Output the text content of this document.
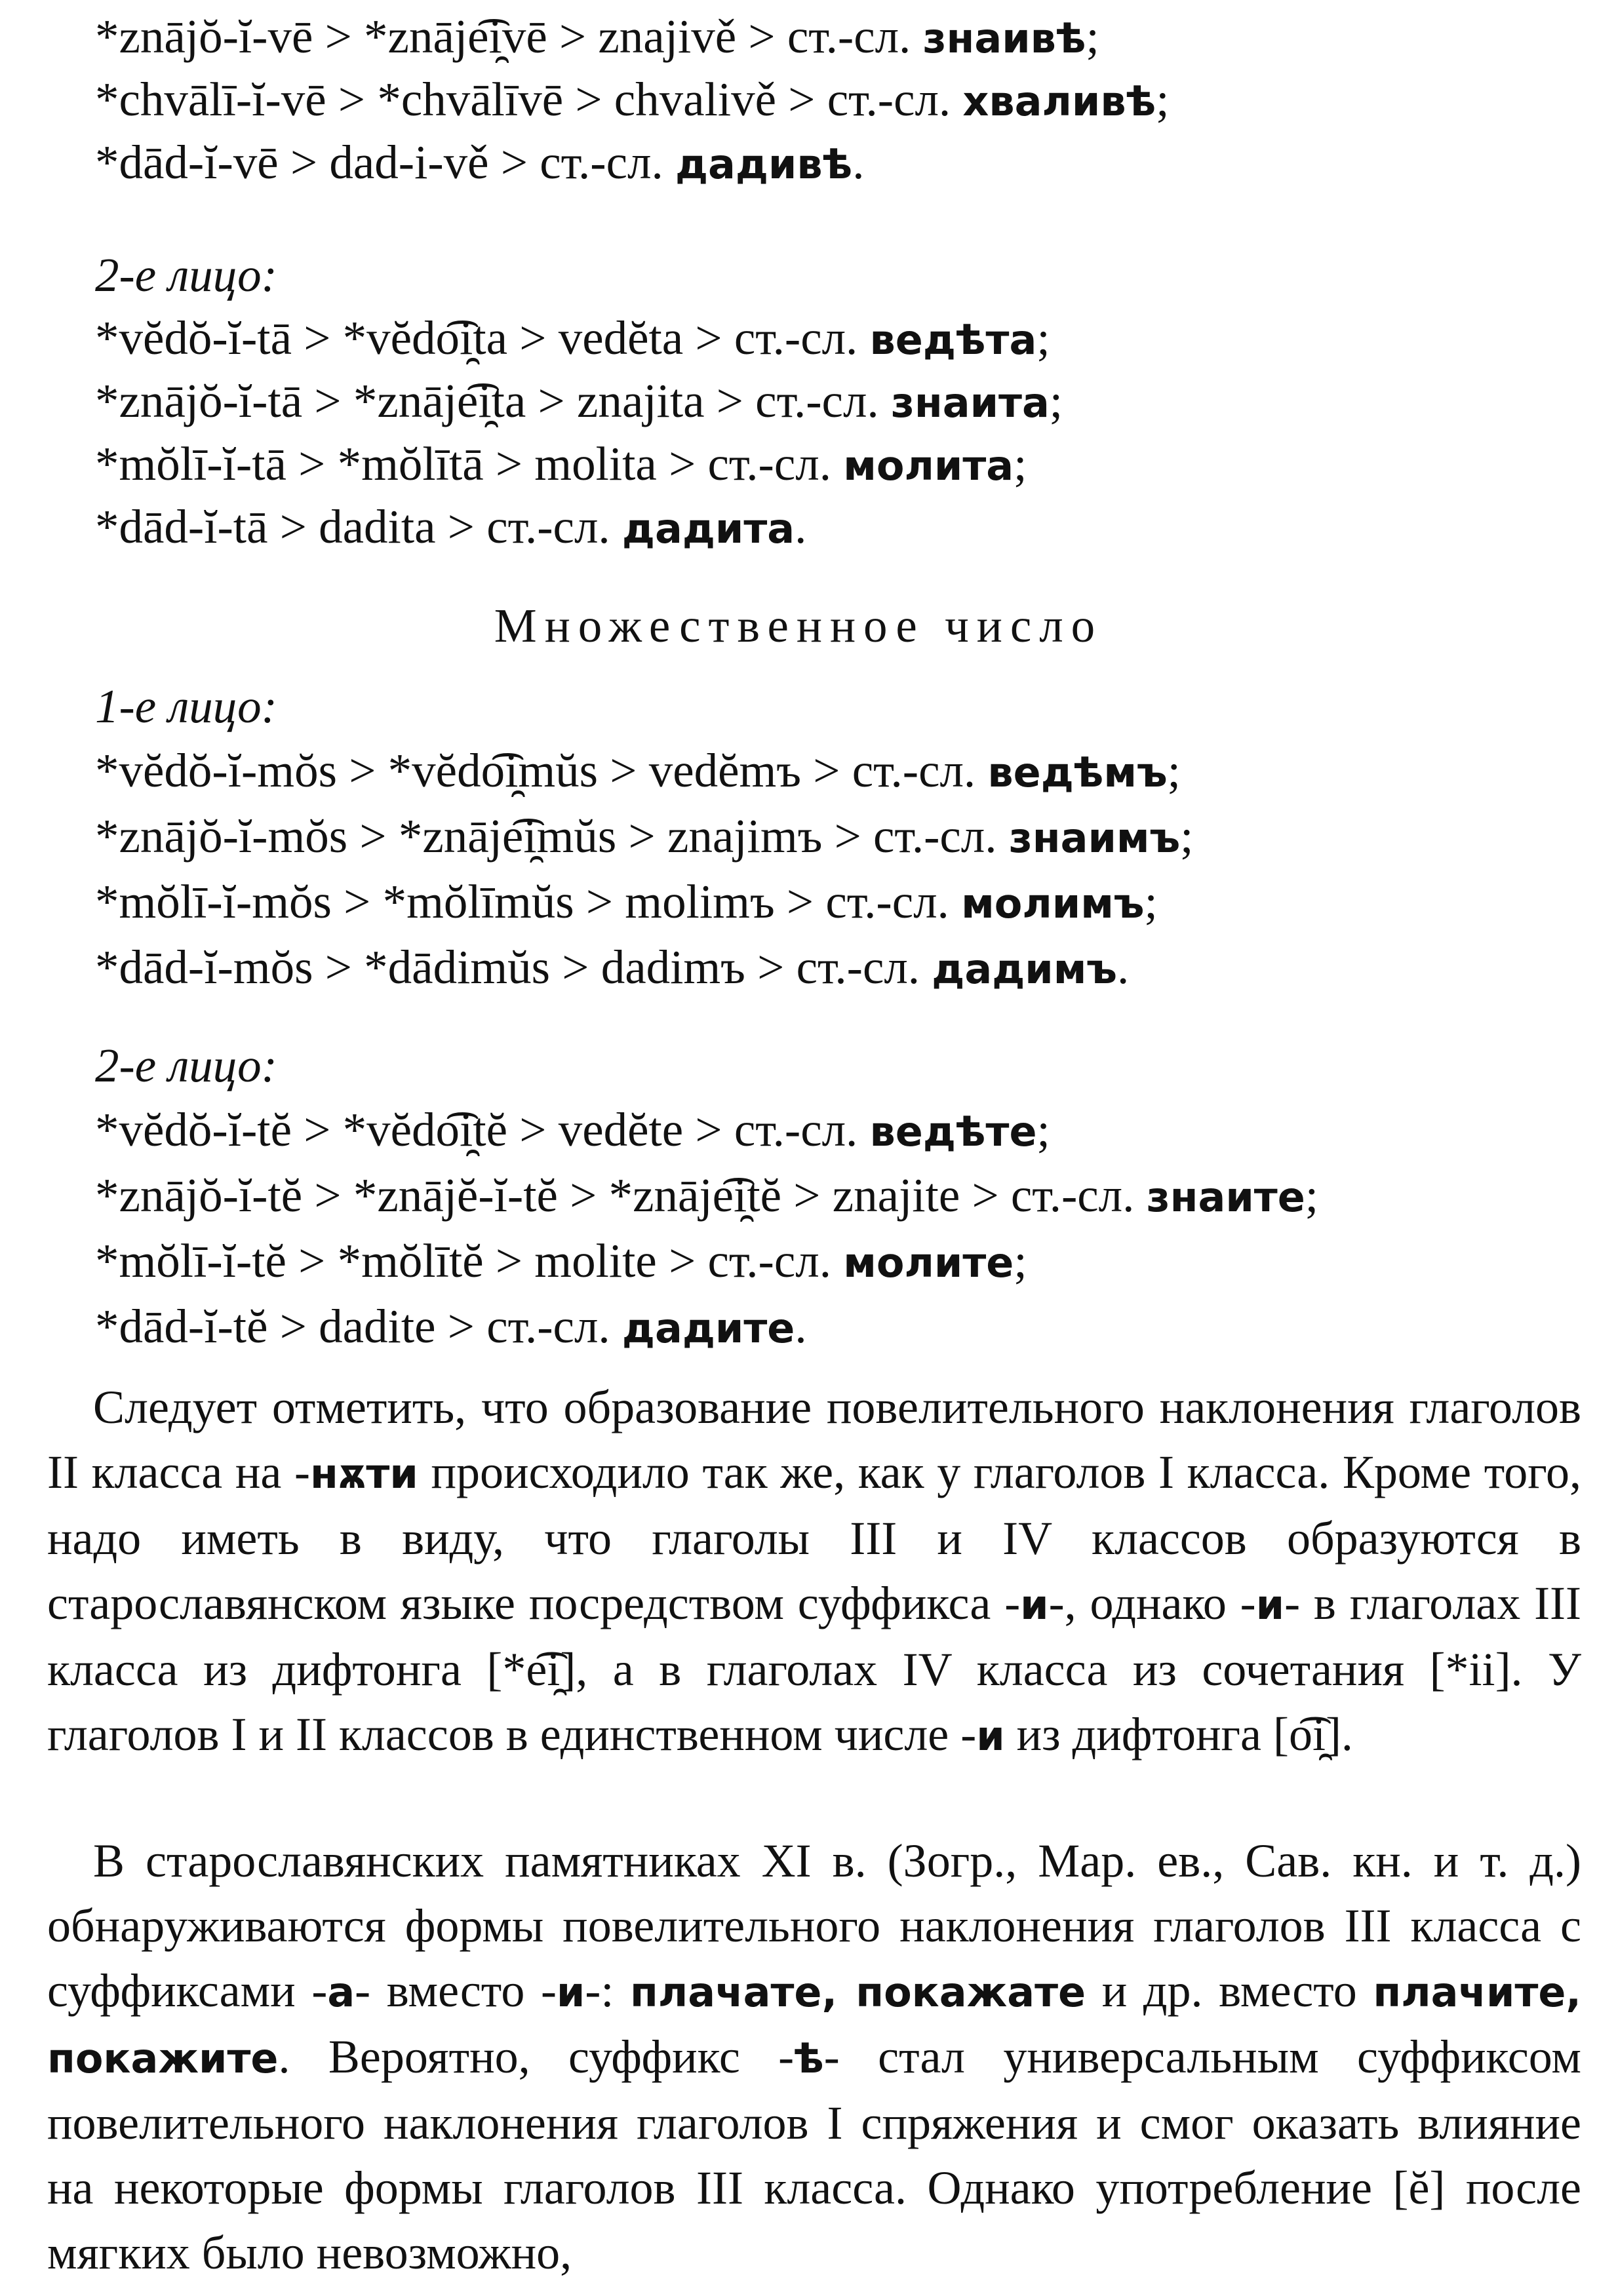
*znājŏ-ĭ-vē > *znāje͡i̯vē > znajivě > ст.-сл. знаивѣ;
*chvālī-ĭ-vē > *chvālīvē > chvalivě > ст.-сл. хвaливѣ;
*dād-ĭ-vē > dad-i-vě > ст.-сл. дадивѣ.
2-е лицо:
*vĕdŏ-ĭ-tā > *vĕdo͡i̯ta > vedĕta > ст.-сл. ведѣта;
*znājŏ-ĭ-tā > *znāje͡i̯ta > znajita > ст.-сл. знаита;
*mŏlī-ĭ-tā > *mŏlītā > molita > ст.-сл. молита;
*dād-ĭ-tā > dadita > ст.-сл. дадита.
Множественное число
1-е лицо:
*vĕdŏ-ĭ-mŏs > *vĕdo͡i̯mŭs > vedĕmъ > ст.-сл. ведѣмъ;
*znājŏ-ĭ-mŏs > *znāje͡i̯mŭs > znajimъ > ст.-сл. знаимъ;
*mŏlī-ĭ-mŏs > *mŏlīmŭs > molimъ > ст.-сл. молимъ;
*dād-ĭ-mŏs > *dādimŭs > dadimъ > ст.-сл. дадимъ.
2-е лицо:
*vĕdŏ-ĭ-tĕ > *vĕdo͡i̯tĕ > vedĕte > ст.-сл. ведѣте;
*znājŏ-ĭ-tĕ > *znājĕ-ĭ-tĕ > *znāje͡i̯tĕ > znajite > ст.-сл. знаите;
*mŏlī-ĭ-tĕ > *mŏlītĕ > molite > ст.-сл. молите;
*dād-ĭ-tĕ > dadite > ст.-сл. дадите.

Следует отметить, что образование повелительного наклонения глаголов II класса на -нѫти происходило так же, как у глаголов I класса. Кроме того, надо иметь в виду, что глаголы III и IV классов образуются в старославянском языке посредством суффикса -и-, однако -и- в глаголах III класса из дифтонга [*e͡i̯], а в глаголах IV класса из сочетания [*ii]. У глаголов I и II классов в единственном числе -и из дифтонга [o͡i̯].

В старославянских памятниках XI в. (Зогр., Мар. ев., Сав. кн. и т. д.) обнаруживаются формы повелительного наклонения глаголов III класса с суффиксами -а- вместо -и-: плачате, покажате и др. вместо плачите, покажите. Вероятно, суффикс -ѣ- стал универсальным суффиксом повелительного наклонения глаголов I спряжения и смог оказать влияние на некоторые формы глаголов III класса. Однако употребление [ĕ] после мягких было невозможно,
